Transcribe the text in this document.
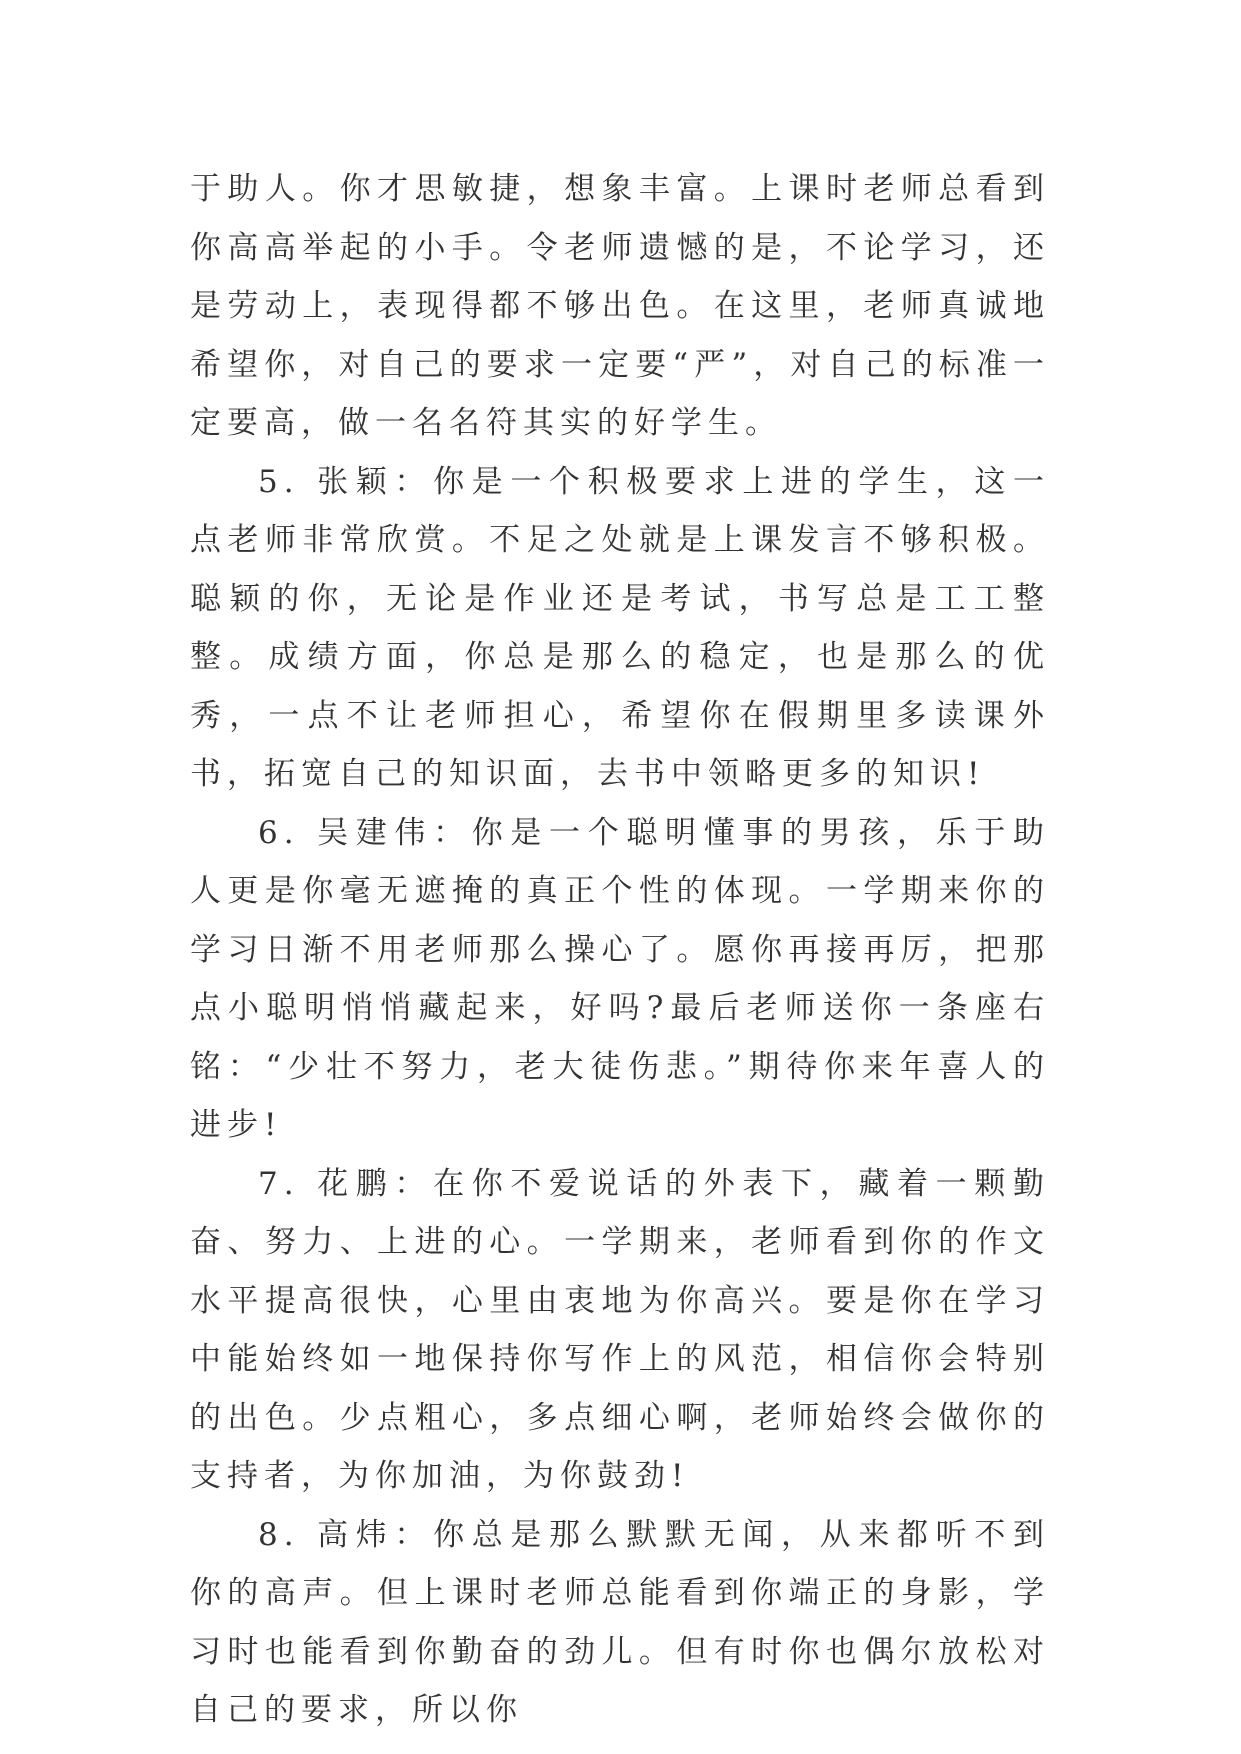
于助人。你才思敏捷，想象丰富。上课时老师总看到你高高举起的小手。令老师遗憾的是，不论学习，还是劳动上，表现得都不够出色。在这里，老师真诚地希望你，对自己的要求一定要“严”，对自己的标准一定要高，做一名名符其实的好学生。

5. 张颖：你是一个积极要求上进的学生，这一点老师非常欣赏。不足之处就是上课发言不够积极。聪颖的你，无论是作业还是考试，书写总是工工整整。成绩方面，你总是那么的稳定，也是那么的优秀，一点不让老师担心，希望你在假期里多读课外书，拓宽自己的知识面，去书中领略更多的知识!

6. 吴建伟：你是一个聪明懂事的男孩，乐于助人更是你毫无遮掩的真正个性的体现。一学期来你的学习日渐不用老师那么操心了。愿你再接再厉，把那点小聪明悄悄藏起来，好吗?最后老师送你一条座右铭：“少壮不努力，老大徒伤悲。”期待你来年喜人的进步!

7. 花鹏：在你不爱说话的外表下，藏着一颗勤奋、努力、上进的心。一学期来，老师看到你的作文水平提高很快，心里由衷地为你高兴。要是你在学习中能始终如一地保持你写作上的风范，相信你会特别的出色。少点粗心，多点细心啊，老师始终会做你的支持者，为你加油，为你鼓劲!

8. 高炜：你总是那么默默无闻，从来都听不到你的高声。但上课时老师总能看到你端正的身影，学习时也能看到你勤奋的劲儿。但有时你也偶尔放松对自己的要求，所以你
